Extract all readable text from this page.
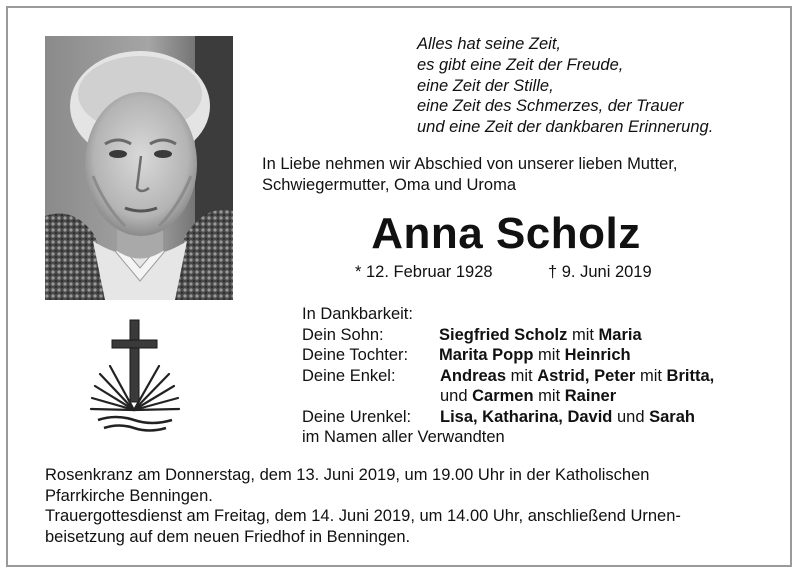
Alles hat seine Zeit,
es gibt eine Zeit der Freude,
eine Zeit der Stille,
eine Zeit des Schmerzes, der Trauer
und eine Zeit der dankbaren Erinnerung.
In Liebe nehmen wir Abschied von unserer lieben Mutter,
Schwiegermutter, Oma und Uroma
Anna Scholz
* 12. Februar 1928	† 9. Juni 2019
In Dankbarkeit:
Dein Sohn:	Siegfried Scholz mit Maria
Deine Tochter: Marita Popp mit Heinrich
Deine Enkel:	Andreas mit Astrid, Peter mit Britta,
und Carmen mit Rainer
Deine Urenkel: Lisa, Katharina, David und Sarah
im Namen aller Verwandten
Rosenkranz am Donnerstag, dem 13. Juni 2019, um 19.00 Uhr in der Katholischen
Pfarrkirche Benningen.
Trauergottesdienst am Freitag, dem 14. Juni 2019, um 14.00 Uhr, anschließend Urnen-
beisetzung auf dem neuen Friedhof in Benningen.
